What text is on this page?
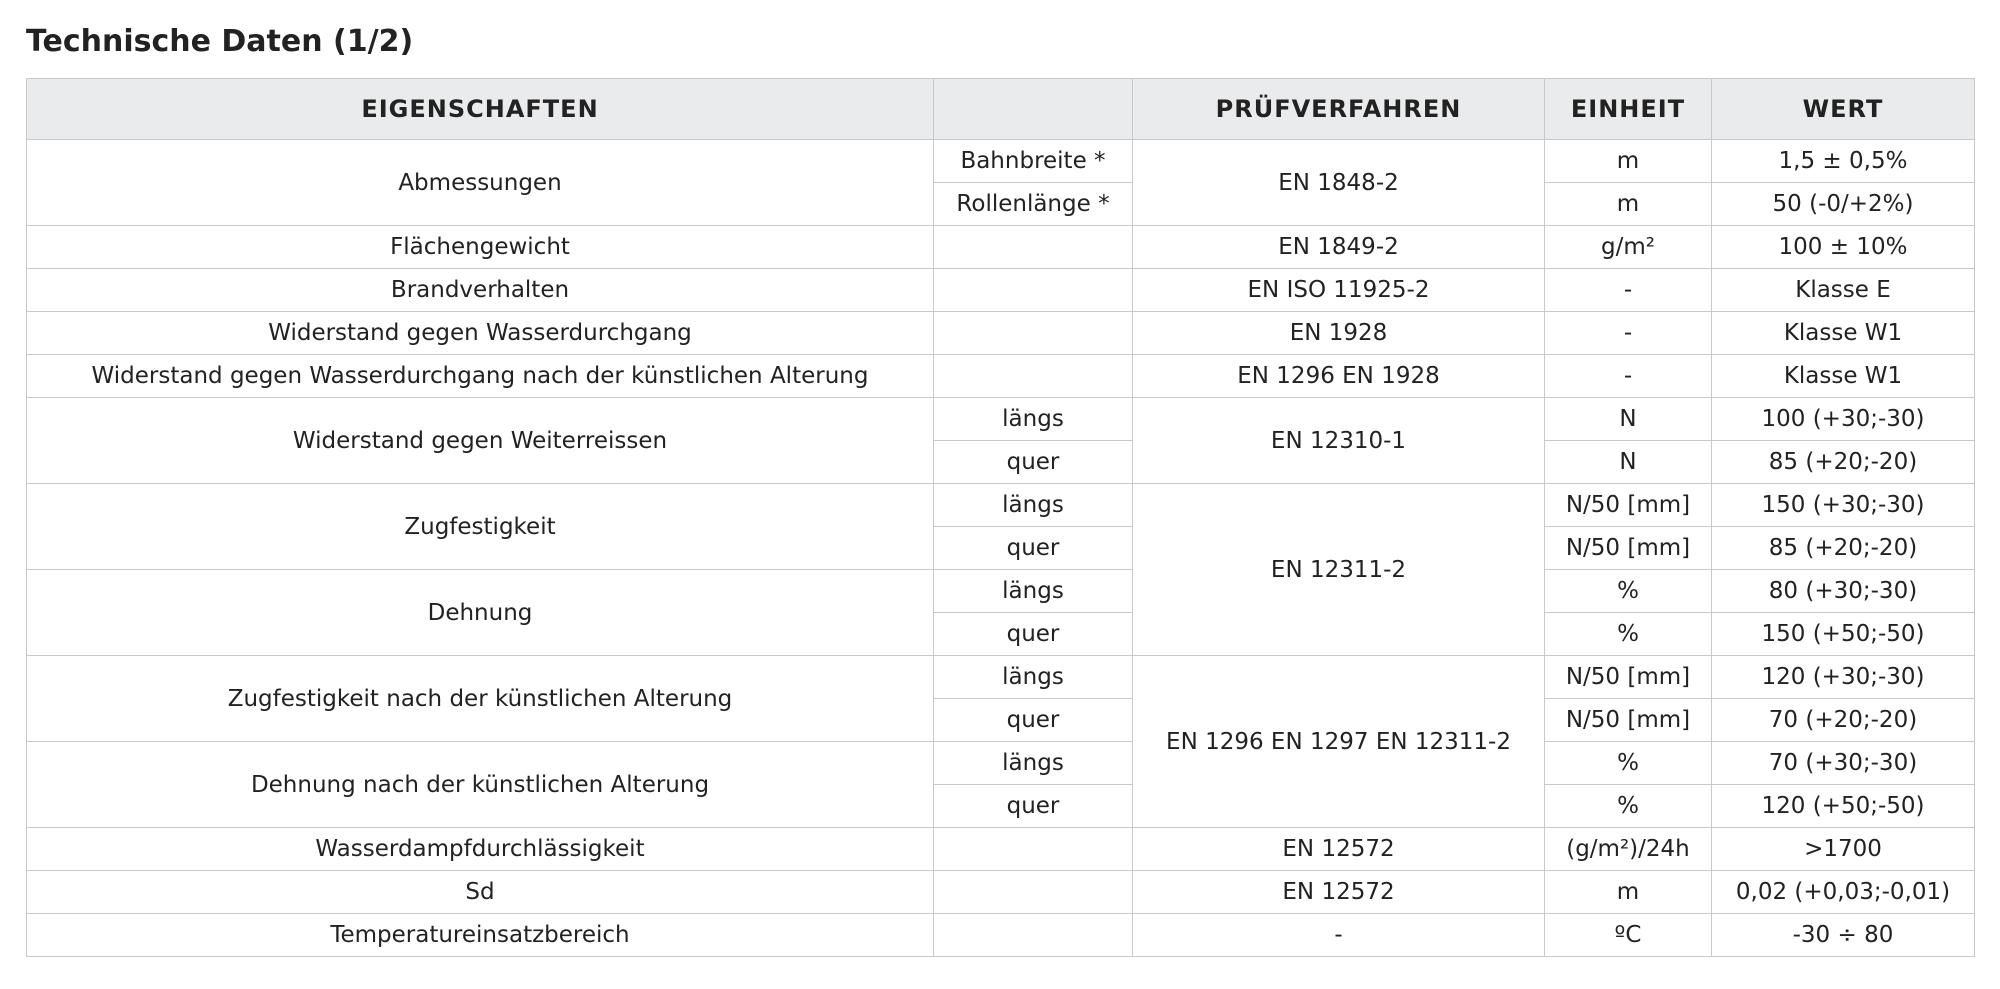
Technische Daten (1/2)
EIGENSCHAFTEN		PRÜFVERFAHREN	EINHEIT	WERT
Abmessungen	Bahnbreite *	EN 1848-2	m	1,5 ± 0,5%
	Rollenlänge *		m	50 (-0/+2%)
Flächengewicht		EN 1849-2	g/m²	100 ± 10%
Brandverhalten		EN ISO 11925-2	-	Klasse E
Widerstand gegen Wasserdurchgang		EN 1928	-	Klasse W1
Widerstand gegen Wasserdurchgang nach der künstlichen Alterung		EN 1296 EN 1928	-	Klasse W1
Widerstand gegen Weiterreissen	längs	EN 12310-1	N	100 (+30;-30)
	quer		N	85 (+20;-20)
Zugfestigkeit	längs	EN 12311-2	N/50 [mm]	150 (+30;-30)
	quer		N/50 [mm]	85 (+20;-20)
Dehnung	längs		%	80 (+30;-30)
	quer		%	150 (+50;-50)
Zugfestigkeit nach der künstlichen Alterung	längs	EN 1296 EN 1297 EN 12311-2	N/50 [mm]	120 (+30;-30)
	quer		N/50 [mm]	70 (+20;-20)
Dehnung nach der künstlichen Alterung	längs		%	70 (+30;-30)
	quer		%	120 (+50;-50)
Wasserdampfdurchlässigkeit		EN 12572	(g/m²)/24h	>1700
Sd		EN 12572	m	0,02 (+0,03;-0,01)
Temperatureinsatzbereich		-	ºC	-30 ÷ 80
